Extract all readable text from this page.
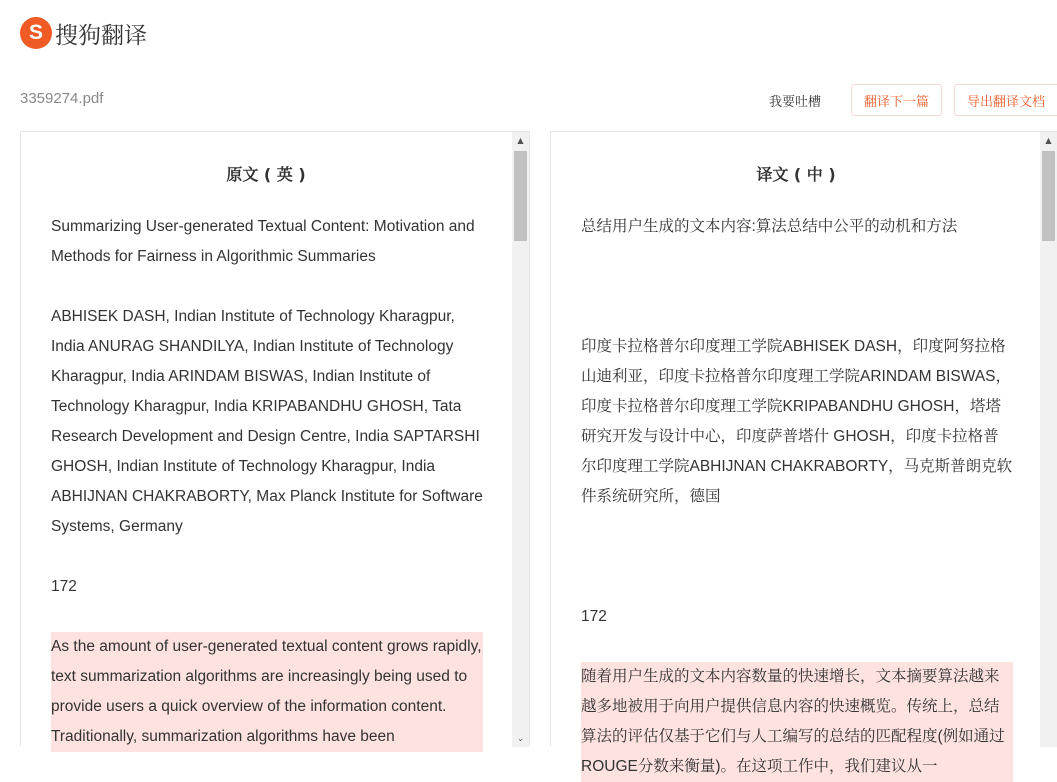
S 搜狗翻译
3359274.pdf	我要吐槽	翻译下一篇	导出翻译文档
原文 ( 英 )
Summarizing User-generated Textual Content: Motivation and Methods for Fairness in Algorithmic Summaries
ABHISEK DASH, Indian Institute of Technology Kharagpur, India ANURAG SHANDILYA, Indian Institute of Technology Kharagpur, India ARINDAM BISWAS, Indian Institute of Technology Kharagpur, India KRIPABANDHU GHOSH, Tata Research Development and Design Centre, India SAPTARSHI GHOSH, Indian Institute of Technology Kharagpur, India ABHIJNAN CHAKRABORTY, Max Planck Institute for Software Systems, Germany
172
As the amount of user-generated textual content grows rapidly, text summarization algorithms are increasingly being used to provide users a quick overview of the information content. Traditionally, summarization algorithms have been
▲
⌄
译文 ( 中 )
总结用户生成的文本内容:算法总结中公平的动机和方法
印度卡拉格普尔印度理工学院ABHISEK DASH，印度阿努拉格山迪利亚，印度卡拉格普尔印度理工学院ARINDAM BISWAS，印度卡拉格普尔印度理工学院KRIPABANDHU GHOSH，塔塔研究开发与设计中心，印度萨普塔什 GHOSH，印度卡拉格普尔印度理工学院ABHIJNAN CHAKRABORTY，马克斯普朗克软件系统研究所，德国
172
随着用户生成的文本内容数量的快速增长，文本摘要算法越来越多地被用于向用户提供信息内容的快速概览。传统上，总结算法的评估仅基于它们与人工编写的总结的匹配程度(例如通过ROUGE分数来衡量)。在这项工作中，我们建议从一
▲
